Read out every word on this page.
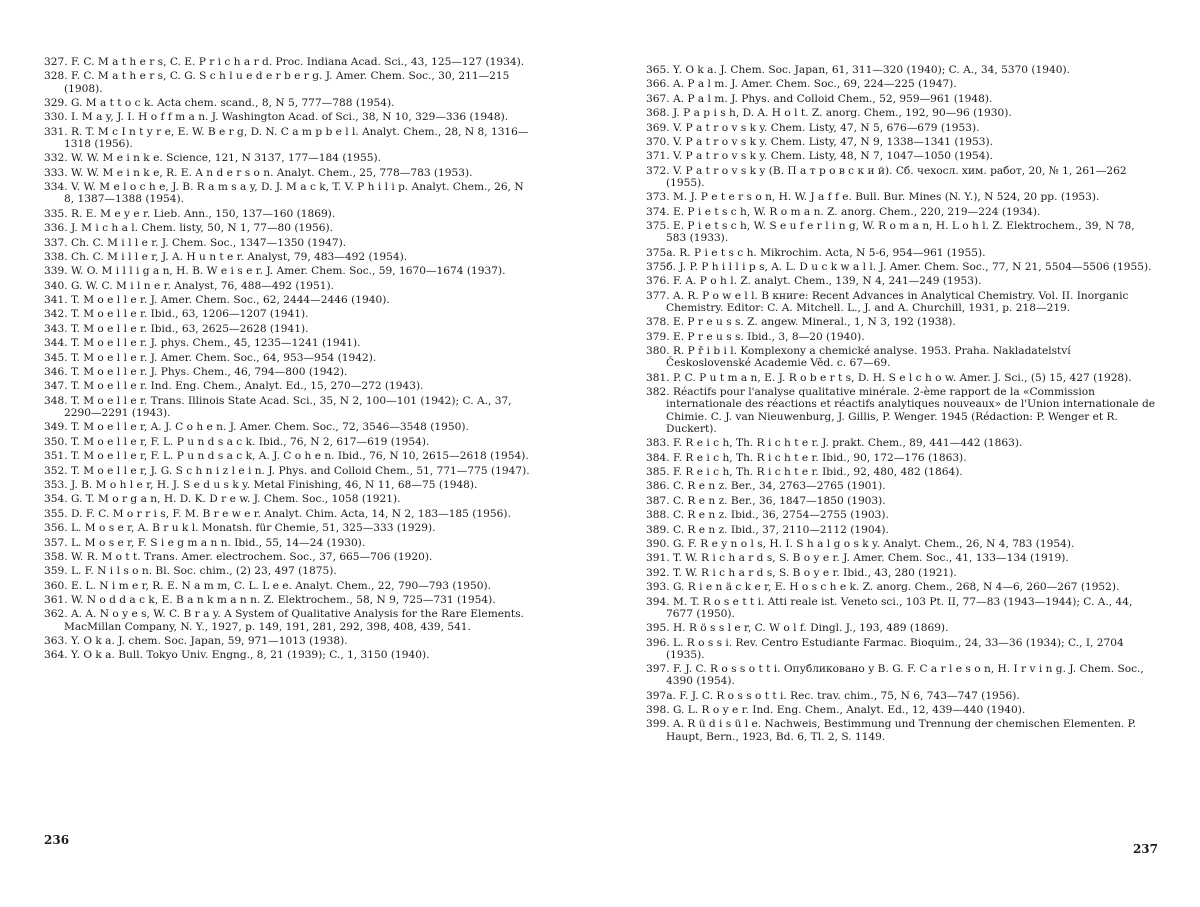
327. F. C. M a t h e r s, C. E. P r i c h a r d. Proc. Indiana Acad. Sci., 43, 125—127 (1934).
328. F. C. M a t h e r s, C. G. S c h l u e d e r b e r g. J. Amer. Chem. Soc., 30, 211—215 (1908).
329. G. M a t t o c k. Acta chem. scand., 8, N 5, 777—788 (1954).
330. I. M a y, J. I. H o f f m a n. J. Washington Acad. of Sci., 38, N 10, 329—336 (1948).
331. R. T. M c I n t y r e, E. W. B e r g, D. N. C a m p b e l l. Analyt. Chem., 28, N 8, 1316—1318 (1956).
332. W. W. M e i n k e. Science, 121, N 3137, 177—184 (1955).
333. W. W. M e i n k e, R. E. A n d e r s o n. Analyt. Chem., 25, 778—783 (1953).
334. V. W. M e l o c h e, J. B. R a m s a y, D. J. M a c k, T. V. P h i l i p. Analyt. Chem., 26, N 8, 1387—1388 (1954).
335. R. E. M e y e r. Lieb. Ann., 150, 137—160 (1869).
336. J. M i c h a l. Chem. listy, 50, N 1, 77—80 (1956).
337. Ch. C. M i l l e r. J. Chem. Soc., 1347—1350 (1947).
338. Ch. C. M i l l e r, J. A. H u n t e r. Analyst, 79, 483—492 (1954).
339. W. O. M i l l i g a n, H. B. W e i s e r. J. Amer. Chem. Soc., 59, 1670—1674 (1937).
340. G. W. C. M i l n e r. Analyst, 76, 488—492 (1951).
341. T. M o e l l e r. J. Amer. Chem. Soc., 62, 2444—2446 (1940).
342. T. M o e l l e r. Ibid., 63, 1206—1207 (1941).
343. T. M o e l l e r. Ibid., 63, 2625—2628 (1941).
344. T. M o e l l e r. J. phys. Chem., 45, 1235—1241 (1941).
345. T. M o e l l e r. J. Amer. Chem. Soc., 64, 953—954 (1942).
346. T. M o e l l e r. J. Phys. Chem., 46, 794—800 (1942).
347. T. M o e l l e r. Ind. Eng. Chem., Analyt. Ed., 15, 270—272 (1943).
348. T. M o e l l e r. Trans. Illinois State Acad. Sci., 35, N 2, 100—101 (1942); C. A., 37, 2290—2291 (1943).
349. T. M o e l l e r, A. J. C o h e n. J. Amer. Chem. Soc., 72, 3546—3548 (1950).
350. T. M o e l l e r, F. L. P u n d s a c k. Ibid., 76, N 2, 617—619 (1954).
351. T. M o e l l e r, F. L. P u n d s a c k, A. J. C o h e n. Ibid., 76, N 10, 2615—2618 (1954).
352. T. M o e l l e r, J. G. S c h n i z l e i n. J. Phys. and Colloid Chem., 51, 771—775 (1947).
353. J. B. M o h l e r, H. J. S e d u s k y. Metal Finishing, 46, N 11, 68—75 (1948).
354. G. T. M o r g a n, H. D. K. D r e w. J. Chem. Soc., 1058 (1921).
355. D. F. C. M o r r i s, F. M. B r e w e r. Analyt. Chim. Acta, 14, N 2, 183—185 (1956).
356. L. M o s e r, A. B r u k l. Monatsh. für Chemie, 51, 325—333 (1929).
357. L. M o s e r, F. S i e g m a n n. Ibid., 55, 14—24 (1930).
358. W. R. M o t t. Trans. Amer. electrochem. Soc., 37, 665—706 (1920).
359. L. F. N i l s o n. Bl. Soc. chim., (2) 23, 497 (1875).
360. E. L. N i m e r, R. E. N a m m, C. L. L e e. Analyt. Chem., 22, 790—793 (1950).
361. W. N o d d a c k, E. B a n k m a n n. Z. Elektrochem., 58, N 9, 725—731 (1954).
362. A. A. N o y e s, W. C. B r a y. A System of Qualitative Analysis for the Rare Elements. MacMillan Company, N. Y., 1927, p. 149, 191, 281, 292, 398, 408, 439, 541.
363. Y. O k a. J. chem. Soc. Japan, 59, 971—1013 (1938).
364. Y. O k a. Bull. Tokyo Univ. Engng., 8, 21 (1939); C., 1, 3150 (1940).
236
365. Y. O k a. J. Chem. Soc. Japan, 61, 311—320 (1940); C. A., 34, 5370 (1940).
366. A. P a l m. J. Amer. Chem. Soc., 69, 224—225 (1947).
367. A. P a l m. J. Phys. and Colloid Chem., 52, 959—961 (1948).
368. J. P a p i s h, D. A. H o l t. Z. anorg. Chem., 192, 90—96 (1930).
369. V. P a t r o v s k y. Chem. Listy, 47, N 5, 676—679 (1953).
370. V. P a t r o v s k y. Chem. Listy, 47, N 9, 1338—1341 (1953).
371. V. P a t r o v s k y. Chem. Listy, 48, N 7, 1047—1050 (1954).
372. V. P a t r o v s k y (В. П а т р о в с к и й). Сб. чехосл. хим. работ, 20, № 1, 261—262 (1955).
373. M. J. P e t e r s o n, H. W. J a f f e. Bull. Bur. Mines (N. Y.), N 524, 20 pp. (1953).
374. E. P i e t s c h, W. R o m a n. Z. anorg. Chem., 220, 219—224 (1934).
375. E. P i e t s c h, W. S e u f e r l i n g, W. R o m a n, H. L o h l. Z. Elektrochem., 39, N 78, 583 (1933).
375a. R. P i e t s c h. Mikrochim. Acta, N 5-6, 954—961 (1955).
375б. J. P. P h i l l i p s, A. L. D u c k w a l l. J. Amer. Chem. Soc., 77, N 21, 5504—5506 (1955).
376. F. A. P o h l. Z. analyt. Chem., 139, N 4, 241—249 (1953).
377. A. R. P o w e l l. В книге: Recent Advances in Analytical Chemistry. Vol. II. Inorganic Chemistry. Editor: C. A. Mitchell. L., J. and A. Churchill, 1931, p. 218—219.
378. E. P r e u s s. Z. angew. Mineral., 1, N 3, 192 (1938).
379. E. P r e u s s. Ibid., 3, 8—20 (1940).
380. R. P ř i b i l. Komplexony a chemické analyse. 1953. Praha. Nakladatelství Československé Academie Věd. c. 67—69.
381. P. C. P u t m a n, E. J. R o b e r t s, D. H. S e l c h o w. Amer. J. Sci., (5) 15, 427 (1928).
382. Réactifs pour l'analyse qualitative minérale. 2-ème rapport de la «Commission internationale des réactions et réactifs analytiques nouveaux» de l'Union internationale de Chimie. C. J. van Nieuwenburg, J. Gillis, P. Wenger. 1945 (Rédaction: P. Wenger et R. Duckert).
383. F. R e i c h, Th. R i c h t e r. J. prakt. Chem., 89, 441—442 (1863).
384. F. R e i c h, Th. R i c h t e r. Ibid., 90, 172—176 (1863).
385. F. R e i c h, Th. R i c h t e r. Ibid., 92, 480, 482 (1864).
386. C. R e n z. Ber., 34, 2763—2765 (1901).
387. C. R e n z. Ber., 36, 1847—1850 (1903).
388. C. R e n z. Ibid., 36, 2754—2755 (1903).
389. C. R e n z. Ibid., 37, 2110—2112 (1904).
390. G. F. R e y n o l s, H. I. S h a l g o s k y. Analyt. Chem., 26, N 4, 783 (1954).
391. T. W. R i c h a r d s, S. B o y e r. J. Amer. Chem. Soc., 41, 133—134 (1919).
392. T. W. R i c h a r d s, S. B o y e r. Ibid., 43, 280 (1921).
393. G. R i e n ä c k e r, E. H o s c h e k. Z. anorg. Chem., 268, N 4—6, 260—267 (1952).
394. M. T. R o s e t t i. Atti reale ist. Veneto sci., 103 Pt. II, 77—83 (1943—1944); C. A., 44, 7677 (1950).
395. H. R ö s s l e r, C. W o l f. Dingl. J., 193, 489 (1869).
396. L. R o s s i. Rev. Centro Estudiante Farmac. Bioquim., 24, 33—36 (1934); C., I, 2704 (1935).
397. F. J. C. R o s s o t t i. Опубликовано у В. G. F. C a r l e s o n, H. I r v i n g. J. Chem. Soc., 4390 (1954).
397a. F. J. C. R o s s o t t i. Rec. trav. chim., 75, N 6, 743—747 (1956).
398. G. L. R o y e r. Ind. Eng. Chem., Analyt. Ed., 12, 439—440 (1940).
399. A. R ü d i s ü l e. Nachweis, Bestimmung und Trennung der chemischen Elementen. P. Haupt, Bern., 1923, Bd. 6, Tl. 2, S. 1149.
237
